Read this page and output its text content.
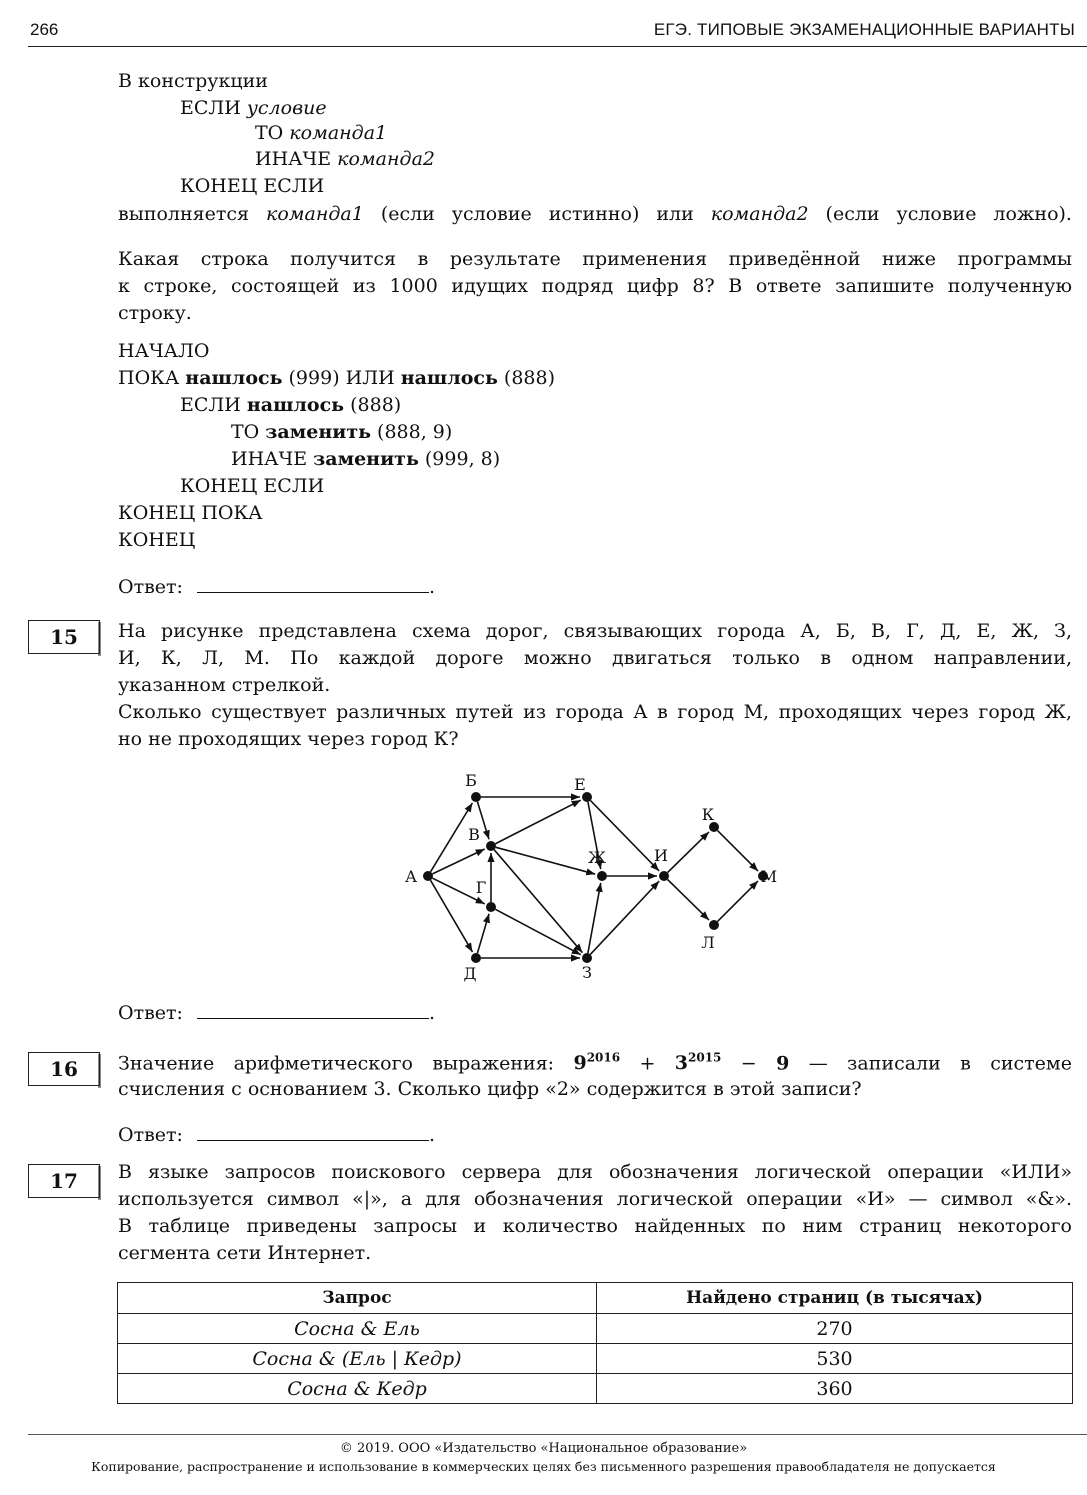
266	ЕГЭ. ТИПОВЫЕ ЭКЗАМЕНАЦИОННЫЕ ВАРИАНТЫ
В конструкции
ЕСЛИ условие
ТО команда1
ИНАЧЕ команда2
КОНЕЦ ЕСЛИ
выполняется команда1 (если условие истинно) или команда2 (если условие ложно).
Какая строка получится в результате применения приведённой ниже программы
к строке, состоящей из 1000 идущих подряд цифр 8? В ответе запишите полученную
строку.
НАЧАЛО
ПОКА нашлось (999) ИЛИ нашлось (888)
ЕСЛИ нашлось (888)
ТО заменить (888, 9)
ИНАЧЕ заменить (999, 8)
КОНЕЦ ЕСЛИ
КОНЕЦ ПОКА
КОНЕЦ
Ответ:	.
15	На рисунке представлена схема дорог, связывающих города А, Б, В, Г, Д, Е, Ж, З,
И, К, Л, М. По каждой дороге можно двигаться только в одном направлении,
указанном стрелкой.
Сколько существует различных путей из города А в город М, проходящих через город Ж,
но не проходящих через город К?
А
Б
В
Г
Д
Е
Ж
З
И
К
Л
М
Ответ:	.
16	Значение арифметического выражения: $9^{2016} + 3^{2015} - 9$ — записали в системе
счисления с основанием 3. Сколько цифр «2» содержится в этой записи?
Ответ:	.
17	В языке запросов поискового сервера для обозначения логической операции «ИЛИ»
используется символ «|», а для обозначения логической операции «И» — символ «&».
В таблице приведены запросы и количество найденных по ним страниц некоторого
сегмента сети Интернет.
Запрос	Найдено страниц (в тысячах)
Сосна & Ель	270
Сосна & (Ель | Кедр)	530
Сосна & Кедр	360
© 2019. ООО «Издательство «Национальное образование»
Копирование, распространение и использование в коммерческих целях без письменного разрешения правообладателя не допускается
